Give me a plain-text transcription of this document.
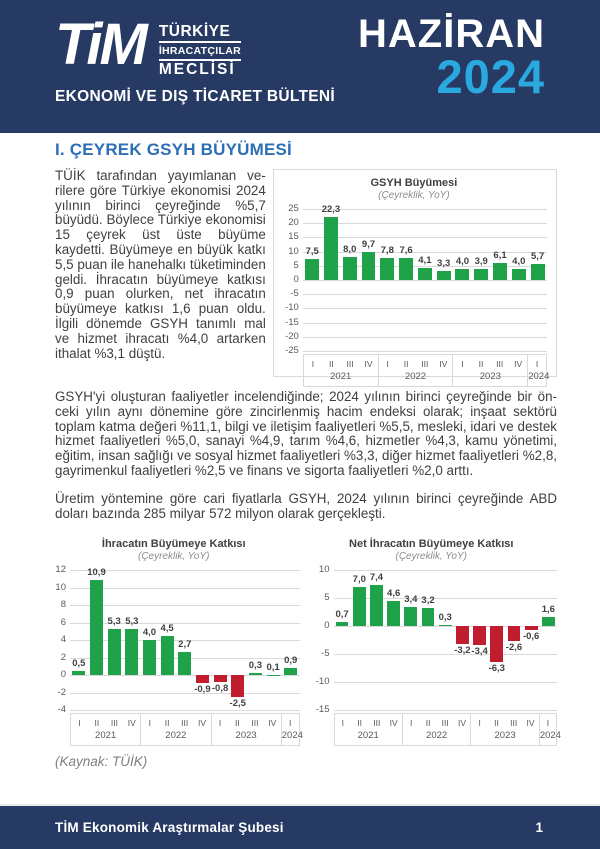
TiM TÜRKİYE
İHRACATÇILAR
MECLİSİ
EKONOMİ VE DIŞ TİCARET BÜLTENİ
HAZİRAN
2024
I. ÇEYREK GSYH BÜYÜMESİ
TÜİK tarafından yayımlanan verilere göre Türkiye ekonomisi 2024 yılının birinci çeyreğinde %5,7 büyüdü. Böylece Türkiye ekonomisi 15 çeyrek üst üste büyüme kaydetti. Büyümeye en büyük katkı 5,5 puan ile hanehalkı tüketiminden geldi. İhracatın büyümeye katkısı 0,9 puan olurken, net ihracatın büyümeye katkısı 1,6 puan oldu. İlgili dönemde GSYH tanımlı mal ve hizmet ihracatı %4,0 artarken ithalat %3,1 düştü.
GSYH Büyümesi
(Çeyreklik, YoY)
25
20
15
10
5
0
-5
-10
-15
-20
-25
7,5
22,3
8,0 9,7 7,8 7,6
4,1 3,3 4,0 3,9
6,1
4,0 5,7
I	II	III	IV	I	II	III	IV	I	II	III	IV	I
2021				2022				2023				2024
GSYH'yi oluşturan faaliyetler incelendiğinde; 2024 yılının birinci çeyreğinde bir önceki yılın aynı dönemine göre zincirlenmiş hacim endeksi olarak; inşaat sektörü toplam katma değeri %11,1, bilgi ve iletişim faaliyetleri %5,5, mesleki, idari ve destek hizmet faaliyetleri %5,0, sanayi %4,9, tarım %4,6, hizmetler %4,3, kamu yönetimi, eğitim, insan sağlığı ve sosyal hizmet faaliyetleri %3,3, diğer hizmet faaliyetleri %2,8, gayrimenkul faaliyetleri %2,5 ve finans ve sigorta faaliyetleri %2,0 arttı.
Üretim yöntemine göre cari fiyatlarla GSYH, 2024 yılının birinci çeyreğinde ABD doları bazında 285 milyar 572 milyon olarak gerçekleşti.
İhracatın Büyümeye Katkısı
(Çeyreklik, YoY)
12
10
8
6
4
2
0
-2
-4
0,5
10,9
5,3 5,3
4,0 4,5
2,7
-0,9 -0,8
-2,5
0,3 0,1
0,9
I	II	III	IV	I	II	III	IV	I	II	III	IV	I
2021				2022				2023				2024
Net İhracatın Büyümeye Katkısı
(Çeyreklik, YoY)
10
5
0
-5
-10
-15
0,7
7,0 7,4
4,6
3,4 3,2
0,3
-3,2 -3,4
-6,3
-2,6
-0,6
1,6
I	II	III	IV	I	II	III	IV	I	II	III	IV	I
2021				2022				2023				2024
(Kaynak: TÜİK)
TİM Ekonomik Araştırmalar Şubesi	1
